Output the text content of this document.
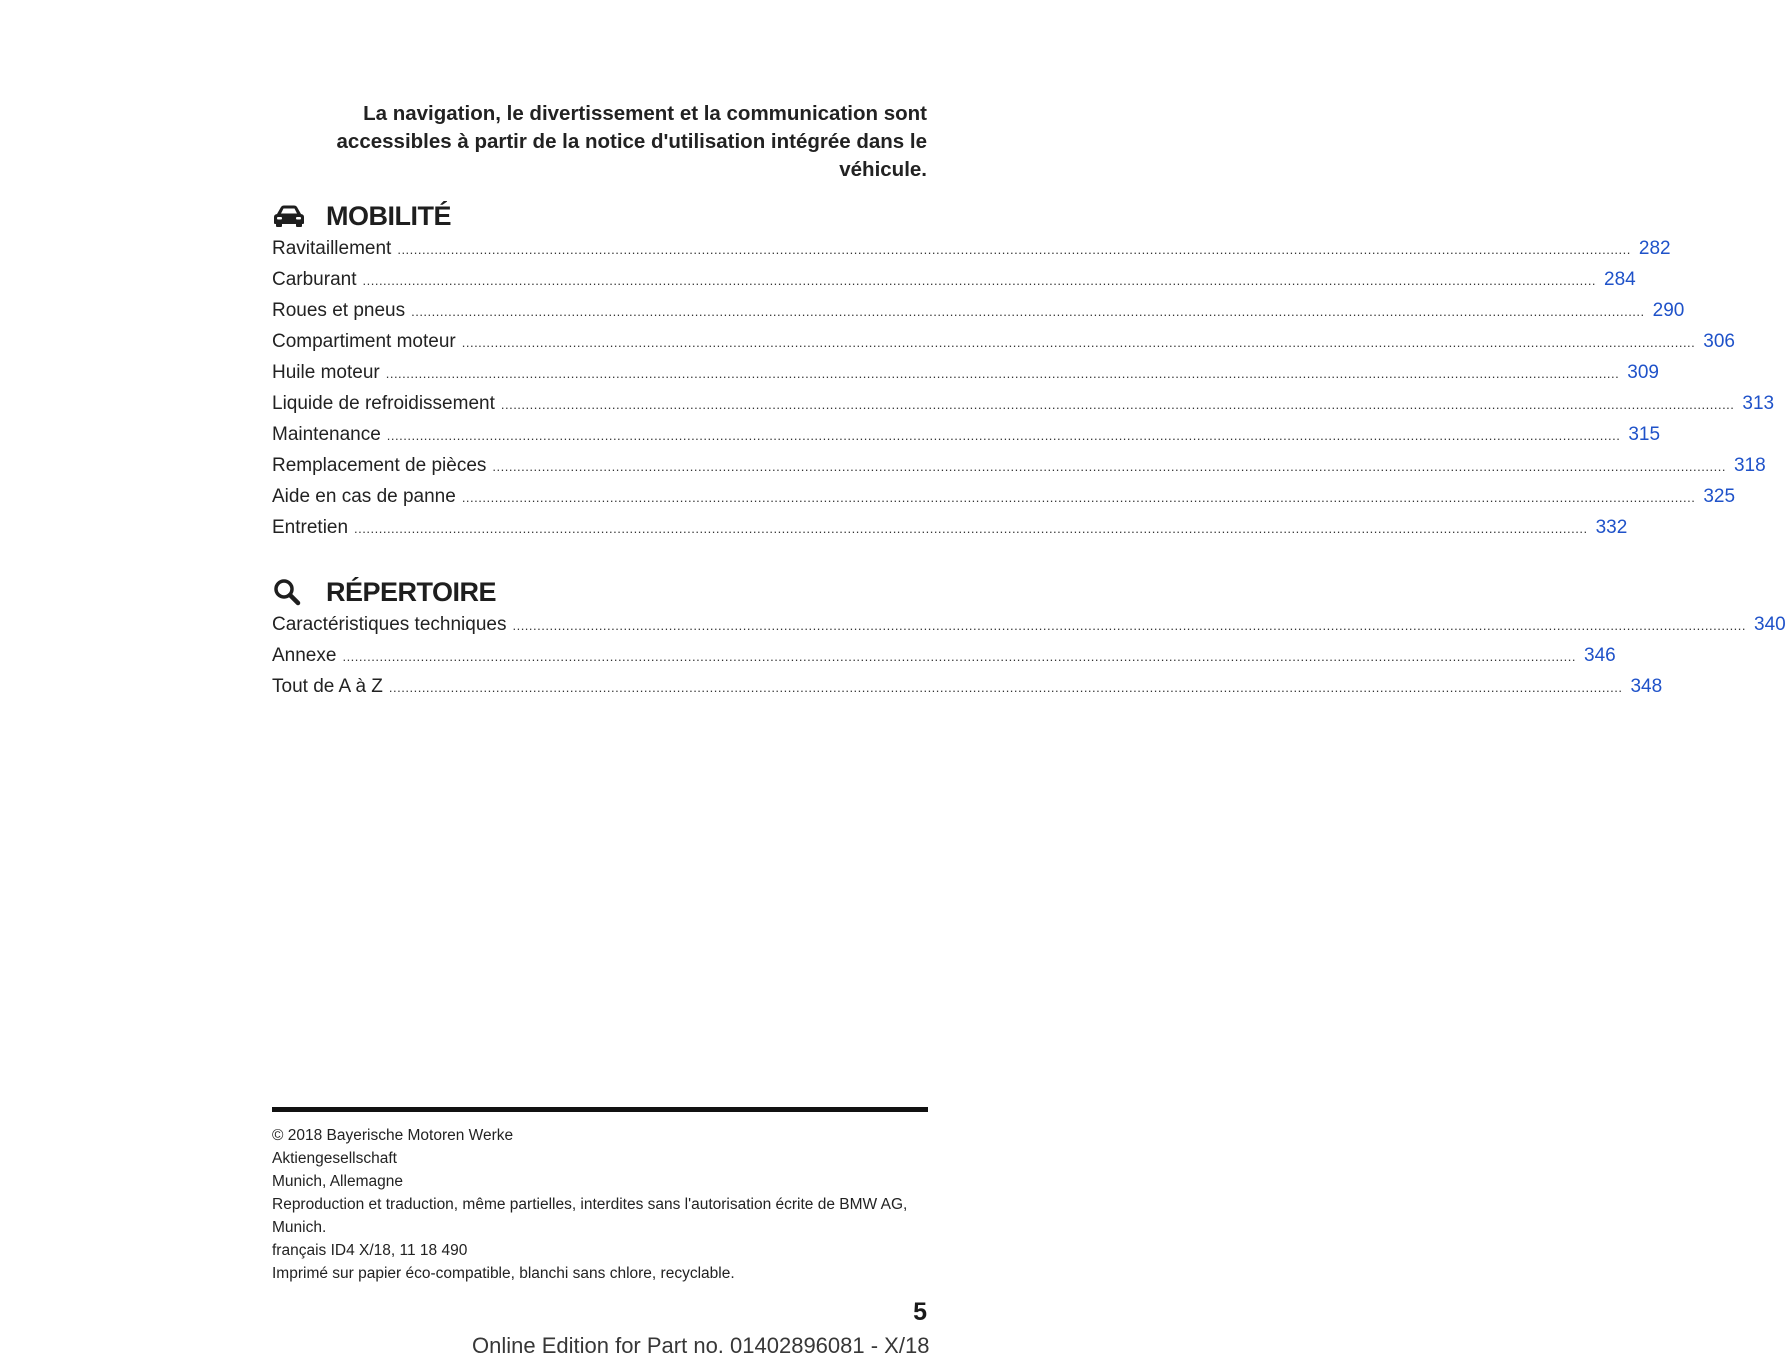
La navigation, le divertissement et la communication sont
accessibles à partir de la notice d'utilisation intégrée dans le
véhicule.
MOBILITÉ
Ravitaillement ............................................................................................................................................................................................................................................................................................................ 282
Carburant ............................................................................................................................................................................................................................................................................................................ 284
Roues et pneus ............................................................................................................................................................................................................................................................................................................ 290
Compartiment moteur ............................................................................................................................................................................................................................................................................................................ 306
Huile moteur ............................................................................................................................................................................................................................................................................................................ 309
Liquide de refroidissement ............................................................................................................................................................................................................................................................................................................ 313
Maintenance ............................................................................................................................................................................................................................................................................................................ 315
Remplacement de pièces ............................................................................................................................................................................................................................................................................................................ 318
Aide en cas de panne ............................................................................................................................................................................................................................................................................................................ 325
Entretien ............................................................................................................................................................................................................................................................................................................ 332
RÉPERTOIRE
Caractéristiques techniques ............................................................................................................................................................................................................................................................................................................ 340
Annexe ............................................................................................................................................................................................................................................................................................................ 346
Tout de A à Z ............................................................................................................................................................................................................................................................................................................ 348
© 2018 Bayerische Motoren Werke
Aktiengesellschaft
Munich, Allemagne
Reproduction et traduction, même partielles, interdites sans l'autorisation écrite de BMW AG,
Munich.
français ID4 X/18, 11 18 490
Imprimé sur papier éco-compatible, blanchi sans chlore, recyclable.
5
Online Edition for Part no. 01402896081 - X/18
